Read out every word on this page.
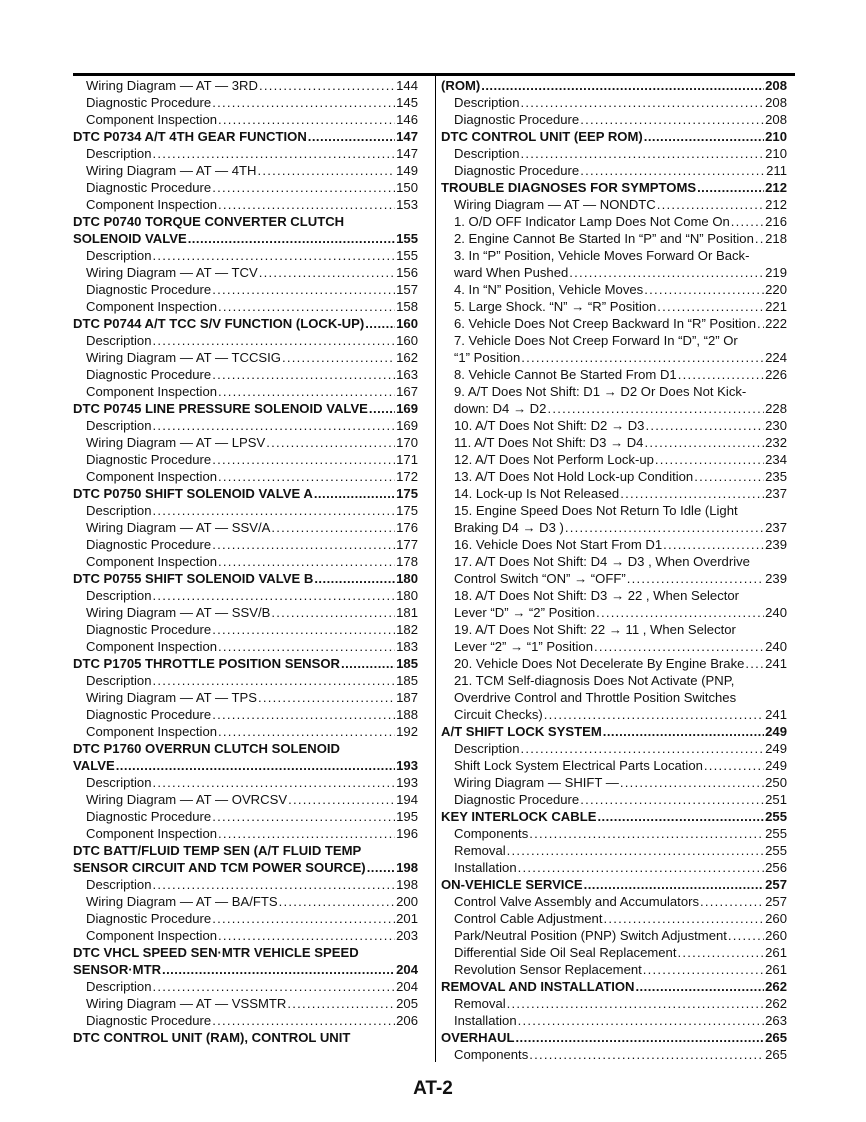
Wiring Diagram — AT — 3RD . . .	144
Diagnostic Procedure . . .	145
Component Inspection . . .	146
DTC P0734 A/T 4TH GEAR FUNCTION . . .	147
Description . . .	147
Wiring Diagram — AT — 4TH . . .	149
Diagnostic Procedure . . .	150
Component Inspection . . .	153
DTC P0740 TORQUE CONVERTER CLUTCH
SOLENOID VALVE . . .	155
Description . . .	155
Wiring Diagram — AT — TCV . . .	156
Diagnostic Procedure . . .	157
Component Inspection . . .	158
DTC P0744 A/T TCC S/V FUNCTION (LOCK-UP) . . . 160
Description . . .	160
Wiring Diagram — AT — TCCSIG . . .	162
Diagnostic Procedure . . .	163
Component Inspection . . .	167
DTC P0745 LINE PRESSURE SOLENOID VALVE . . . 169
Description . . .	169
Wiring Diagram — AT — LPSV . . .	170
Diagnostic Procedure . . .	171
Component Inspection . . .	172
DTC P0750 SHIFT SOLENOID VALVE A . . .	175
Description . . .	175
Wiring Diagram — AT — SSV/A . . .	176
Diagnostic Procedure . . .	177
Component Inspection . . .	178
DTC P0755 SHIFT SOLENOID VALVE B . . .	180
Description . . .	180
Wiring Diagram — AT — SSV/B . . .	181
Diagnostic Procedure . . .	182
Component Inspection . . .	183
DTC P1705 THROTTLE POSITION SENSOR . . .	185
Description . . .	185
Wiring Diagram — AT — TPS . . .	187
Diagnostic Procedure . . .	188
Component Inspection . . .	192
DTC P1760 OVERRUN CLUTCH SOLENOID
VALVE . . .	193
Description . . .	193
Wiring Diagram — AT — OVRCSV . . .	194
Diagnostic Procedure . . .	195
Component Inspection . . .	196
DTC BATT/FLUID TEMP SEN (A/T FLUID TEMP
SENSOR CIRCUIT AND TCM POWER SOURCE) . . . 198
Description . . .	198
Wiring Diagram — AT — BA/FTS . . .	200
Diagnostic Procedure . . .	201
Component Inspection . . .	203
DTC VHCL SPEED SEN·MTR VEHICLE SPEED
SENSOR·MTR . . .	204
Description . . .	204
Wiring Diagram — AT — VSSMTR . . .	205
Diagnostic Procedure . . .	206
DTC CONTROL UNIT (RAM), CONTROL UNIT
(ROM) . . .	208
Description . . .	208
Diagnostic Procedure . . .	208
DTC CONTROL UNIT (EEP ROM) . . .	210
Description . . .	210
Diagnostic Procedure . . .	211
TROUBLE DIAGNOSES FOR SYMPTOMS . . .	212
Wiring Diagram — AT — NONDTC . . .	212
1. O/D OFF Indicator Lamp Does Not Come On . . .	216
2. Engine Cannot Be Started In “P” and “N” Position . . . 218
3. In “P” Position, Vehicle Moves Forward Or Back-
ward When Pushed . . .	219
4. In “N” Position, Vehicle Moves . . .	220
5. Large Shock. “N” → “R” Position . . .	221
6. Vehicle Does Not Creep Backward In “R” Position . . . 222
7. Vehicle Does Not Creep Forward In “D”, “2” Or
“1” Position . . .	224
8. Vehicle Cannot Be Started From D1 . . .	226
9. A/T Does Not Shift: D1 → D2 Or Does Not Kick-
down: D4 → D2 . . .	228
10. A/T Does Not Shift: D2 → D3 . . .	230
11. A/T Does Not Shift: D3 → D4 . . .	232
12. A/T Does Not Perform Lock-up . . .	234
13. A/T Does Not Hold Lock-up Condition . . .	235
14. Lock-up Is Not Released . . .	237
15. Engine Speed Does Not Return To Idle (Light
Braking D4 → D3 ) . . .	237
16. Vehicle Does Not Start From D1 . . .	239
17. A/T Does Not Shift: D4 → D3 , When Overdrive
Control Switch “ON” → “OFF” . . .	239
18. A/T Does Not Shift: D3 → 22 , When Selector
Lever “D” → “2” Position . . .	240
19. A/T Does Not Shift: 22 → 11 , When Selector
Lever “2” → “1” Position . . .	240
20. Vehicle Does Not Decelerate By Engine Brake . . . 241
21. TCM Self-diagnosis Does Not Activate (PNP,
Overdrive Control and Throttle Position Switches
Circuit Checks) . . .	241
A/T SHIFT LOCK SYSTEM . . .	249
Description . . .	249
Shift Lock System Electrical Parts Location . . .	249
Wiring Diagram — SHIFT — . . .	250
Diagnostic Procedure . . .	251
KEY INTERLOCK CABLE . . .	255
Components . . .	255
Removal . . .	255
Installation . . .	256
ON-VEHICLE SERVICE . . .	257
Control Valve Assembly and Accumulators . . .	257
Control Cable Adjustment . . .	260
Park/Neutral Position (PNP) Switch Adjustment . . .	260
Differential Side Oil Seal Replacement . . .	261
Revolution Sensor Replacement . . .	261
REMOVAL AND INSTALLATION . . .	262
Removal . . .	262
Installation . . .	263
OVERHAUL . . .	265
Components . . .	265
AT-2
